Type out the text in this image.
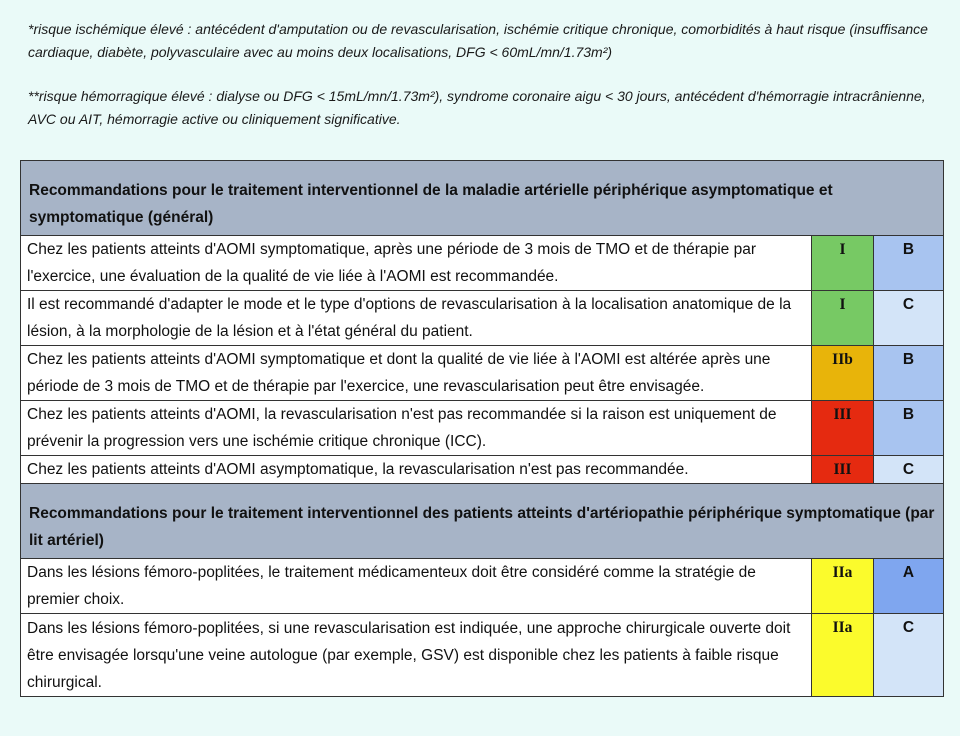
*risque ischémique élevé : antécédent d'amputation ou de revascularisation, ischémie critique chronique, comorbidités à haut risque (insuffisance cardiaque, diabète, polyvasculaire avec au moins deux localisations, DFG < 60mL/mn/1.73m²)

**risque hémorragique élevé : dialyse ou DFG < 15mL/mn/1.73m²), syndrome coronaire aigu < 30 jours, antécédent d'hémorragie intracrânienne, AVC ou AIT, hémorragie active ou cliniquement significative.

Recommandations pour le traitement interventionnel de la maladie artérielle périphérique asymptomatique et symptomatique (général)		
Chez les patients atteints d'AOMI symptomatique, après une période de 3 mois de TMO et de thérapie par l'exercice, une évaluation de la qualité de vie liée à l'AOMI est recommandée.	I	B
Il est recommandé d'adapter le mode et le type d'options de revascularisation à la localisation anatomique de la lésion, à la morphologie de la lésion et à l'état général du patient.	I	C
Chez les patients atteints d'AOMI symptomatique et dont la qualité de vie liée à l'AOMI est altérée après une période de 3 mois de TMO et de thérapie par l'exercice, une revascularisation peut être envisagée.	IIb	B
Chez les patients atteints d'AOMI, la revascularisation n'est pas recommandée si la raison est uniquement de prévenir la progression vers une ischémie critique chronique (ICC).	III	B
Chez les patients atteints d'AOMI asymptomatique, la revascularisation n'est pas recommandée.	III	C
Recommandations pour le traitement interventionnel des patients atteints d'artériopathie périphérique symptomatique (par lit artériel)		
Dans les lésions fémoro-poplitées, le traitement médicamenteux doit être considéré comme la stratégie de premier choix.	IIa	A
Dans les lésions fémoro-poplitées, si une revascularisation est indiquée, une approche chirurgicale ouverte doit être envisagée lorsqu'une veine autologue (par exemple, GSV) est disponible chez les patients à faible risque chirurgical.	IIa	C
